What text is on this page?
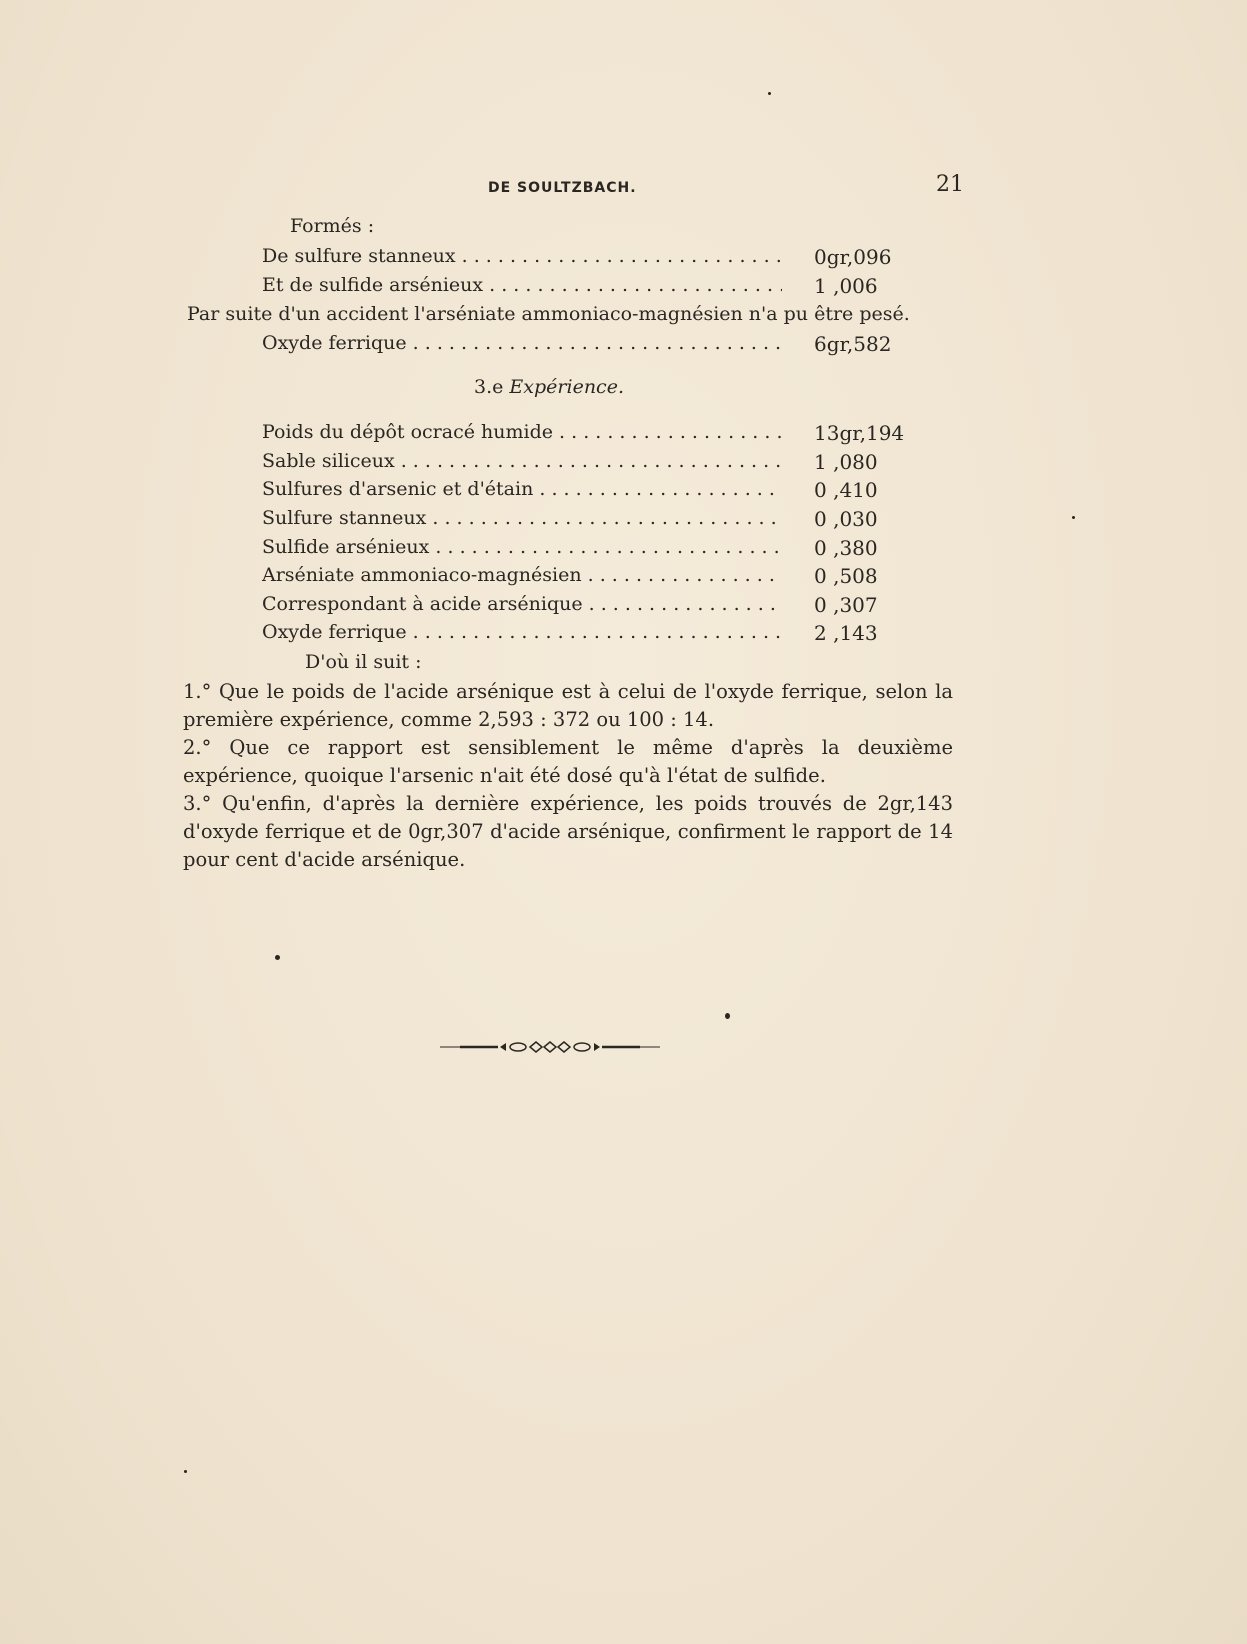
DE SOULTZBACH.	21
Formés :
De sulfure stanneux . . .	0gr,096
Et de sulfide arsénieux . . .	1 ,006
Par suite d'un accident l'arséniate ammoniaco-magnésien n'a pu être pesé.
Oxyde ferrique . . .	6gr,582
3.e Expérience.
Poids du dépôt ocracé humide . . .	13gr,194
Sable siliceux . . .	1 ,080
Sulfures d'arsenic et d'étain . . .	0 ,410
Sulfure stanneux . . .	0 ,030
Sulfide arsénieux . . .	0 ,380
Arséniate ammoniaco-magnésien . . .	0 ,508
Correspondant à acide arsénique . . .	0 ,307
Oxyde ferrique . . .	2 ,143
D'où il suit :

1.° Que le poids de l'acide arsénique est à celui de l'oxyde ferrique, selon la première expérience, comme 2,593 : 372 ou 100 : 14.

2.° Que ce rapport est sensiblement le même d'après la deuxième expérience, quoique l'arsenic n'ait été dosé qu'à l'état de sulfide.

3.° Qu'enfin, d'après la dernière expérience, les poids trouvés de 2gr,143 d'oxyde ferrique et de 0gr,307 d'acide arsénique, confirment le rapport de 14 pour cent d'acide arsénique.
